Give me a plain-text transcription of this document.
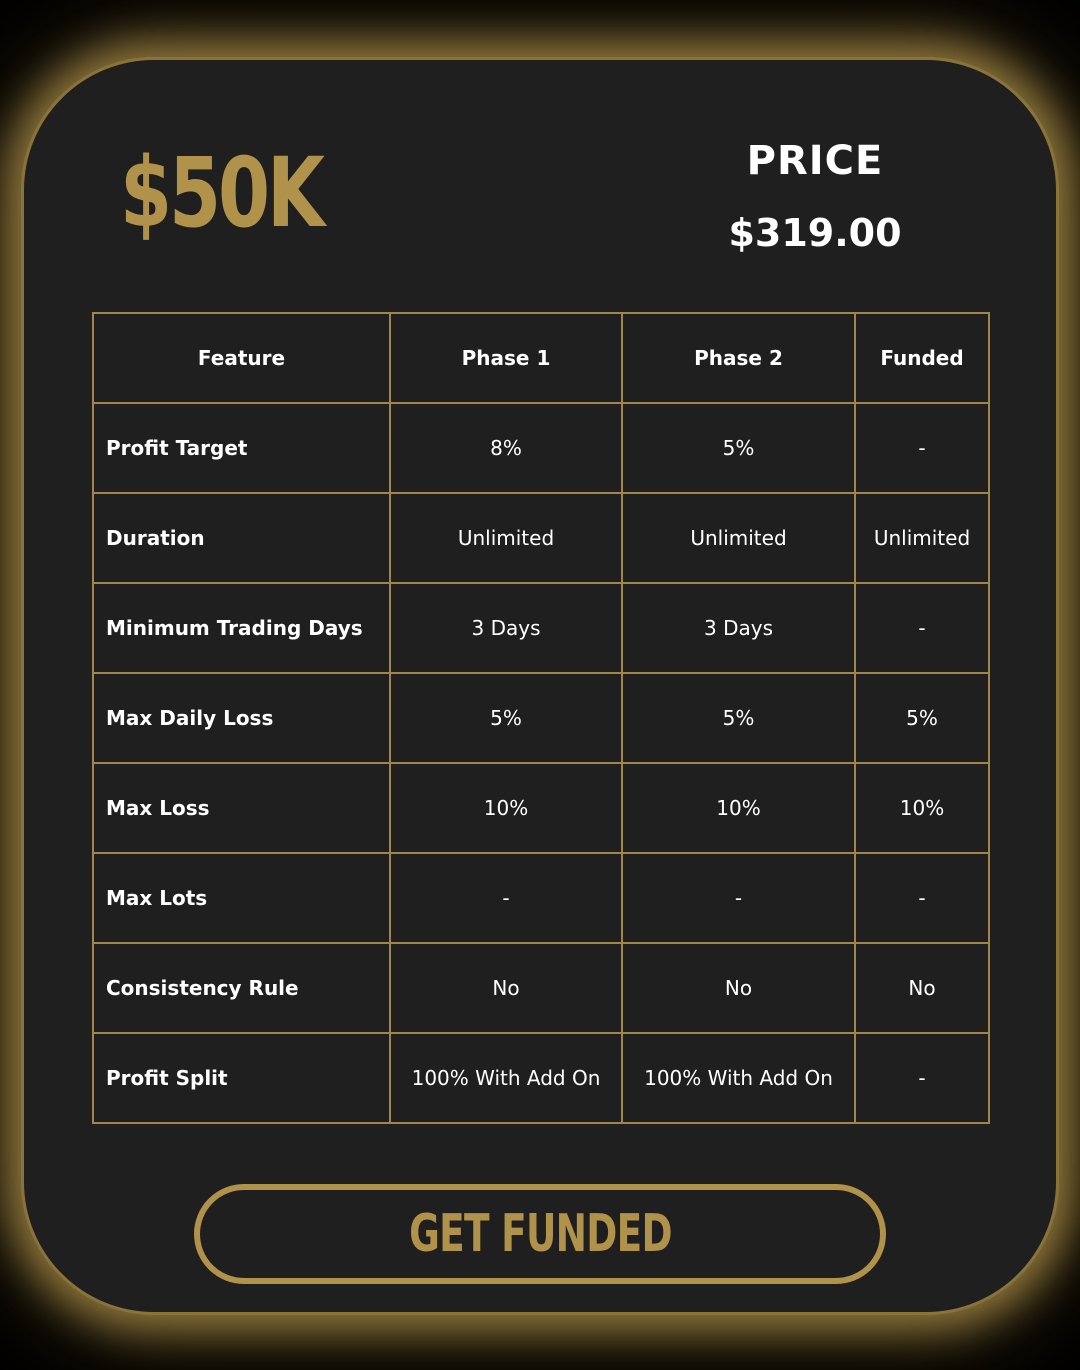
$50K	PRICE
$319.00
Feature	Phase 1	Phase 2	Funded
Profit Target	8%	5%	-
Duration	Unlimited	Unlimited	Unlimited
Minimum Trading Days	3 Days	3 Days	-
Max Daily Loss	5%	5%	5%
Max Loss	10%	10%	10%
Max Lots	-	-	-
Consistency Rule	No	No	No
Profit Split	100% With Add On	100% With Add On	-
GET FUNDED
